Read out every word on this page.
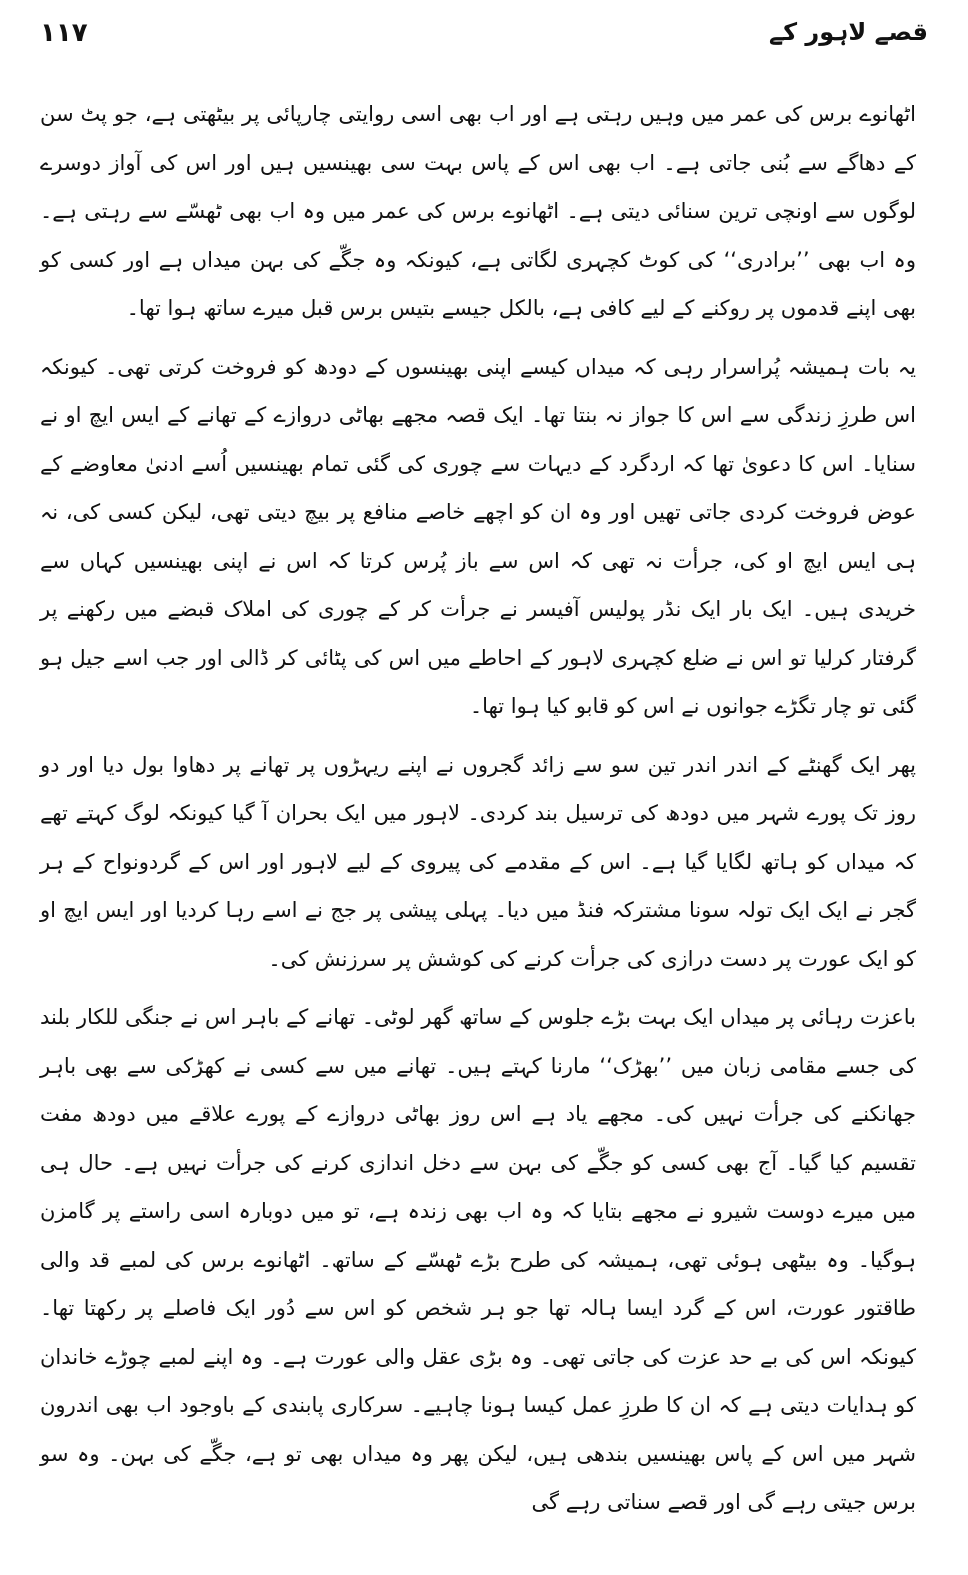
قصے لاہور کے
۱۱۷

اٹھانوے برس کی عمر میں وہیں رہتی ہے اور اب بھی اسی روایتی چارپائی پر بیٹھتی ہے، جو پٹ سن کے دھاگے سے بُنی جاتی ہے۔ اب بھی اس کے پاس بہت سی بھینسیں ہیں اور اس کی آواز دوسرے لوگوں سے اونچی ترین سنائی دیتی ہے۔ اٹھانوے برس کی عمر میں وہ اب بھی ٹھسّے سے رہتی ہے۔ وہ اب بھی ’’برادری‘‘ کی کوٹ کچہری لگاتی ہے، کیونکہ وہ جگّے کی بہن میداں ہے اور کسی کو بھی اپنے قدموں پر روکنے کے لیے کافی ہے، بالکل جیسے بتیس برس قبل میرے ساتھ ہوا تھا۔

یہ بات ہمیشہ پُراسرار رہی کہ میداں کیسے اپنی بھینسوں کے دودھ کو فروخت کرتی تھی۔ کیونکہ اس طرزِ زندگی سے اس کا جواز نہ بنتا تھا۔ ایک قصہ مجھے بھاٹی دروازے کے تھانے کے ایس ایچ او نے سنایا۔ اس کا دعویٰ تھا کہ اردگرد کے دیہات سے چوری کی گئی تمام بھینسیں اُسے ادنیٰ معاوضے کے عوض فروخت کردی جاتی تھیں اور وہ ان کو اچھے خاصے منافع پر بیچ دیتی تھی، لیکن کسی کی، نہ ہی ایس ایچ او کی، جرأت نہ تھی کہ اس سے باز پُرس کرتا کہ اس نے اپنی بھینسیں کہاں سے خریدی ہیں۔ ایک بار ایک نڈر پولیس آفیسر نے جرأت کر کے چوری کی املاک قبضے میں رکھنے پر گرفتار کرلیا تو اس نے ضلع کچہری لاہور کے احاطے میں اس کی پٹائی کر ڈالی اور جب اسے جیل ہو گئی تو چار تگڑے جوانوں نے اس کو قابو کیا ہوا تھا۔

پھر ایک گھنٹے کے اندر اندر تین سو سے زائد گجروں نے اپنے ریہڑوں پر تھانے پر دھاوا بول دیا اور دو روز تک پورے شہر میں دودھ کی ترسیل بند کردی۔ لاہور میں ایک بحران آ گیا کیونکہ لوگ کہتے تھے کہ میداں کو ہاتھ لگایا گیا ہے۔ اس کے مقدمے کی پیروی کے لیے لاہور اور اس کے گردونواح کے ہر گجر نے ایک ایک تولہ سونا مشترکہ فنڈ میں دیا۔ پہلی پیشی پر جج نے اسے رہا کردیا اور ایس ایچ او کو ایک عورت پر دست درازی کی جرأت کرنے کی کوشش پر سرزنش کی۔

باعزت رہائی پر میداں ایک بہت بڑے جلوس کے ساتھ گھر لوٹی۔ تھانے کے باہر اس نے جنگی للکار بلند کی جسے مقامی زبان میں ’’بھڑک‘‘ مارنا کہتے ہیں۔ تھانے میں سے کسی نے کھڑکی سے بھی باہر جھانکنے کی جرأت نہیں کی۔ مجھے یاد ہے اس روز بھاٹی دروازے کے پورے علاقے میں دودھ مفت تقسیم کیا گیا۔ آج بھی کسی کو جگّے کی بہن سے دخل اندازی کرنے کی جرأت نہیں ہے۔ حال ہی میں میرے دوست شیرو نے مجھے بتایا کہ وہ اب بھی زندہ ہے، تو میں دوبارہ اسی راستے پر گامزن ہوگیا۔ وہ بیٹھی ہوئی تھی، ہمیشہ کی طرح بڑے ٹھسّے کے ساتھ۔ اٹھانوے برس کی لمبے قد والی طاقتور عورت، اس کے گرد ایسا ہالہ تھا جو ہر شخص کو اس سے دُور ایک فاصلے پر رکھتا تھا۔ کیونکہ اس کی بے حد عزت کی جاتی تھی۔ وہ بڑی عقل والی عورت ہے۔ وہ اپنے لمبے چوڑے خاندان کو ہدایات دیتی ہے کہ ان کا طرزِ عمل کیسا ہونا چاہیے۔ سرکاری پابندی کے باوجود اب بھی اندرون شہر میں اس کے پاس بھینسیں بندھی ہیں، لیکن پھر وہ میداں بھی تو ہے، جگّے کی بہن۔ وہ سو برس جیتی رہے گی اور قصے سناتی رہے گی
